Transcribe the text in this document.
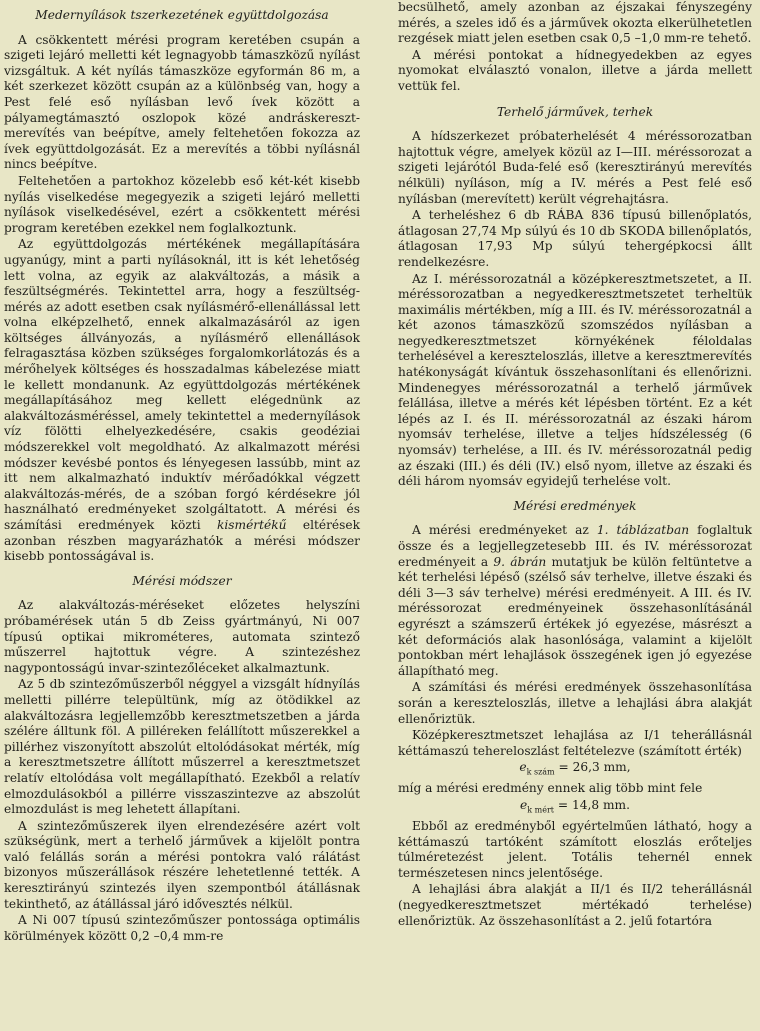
Medernyílások tszerkezetének együttdolgozása

A csökkentett mérési program keretében csupán a szigeti lejáró melletti két legnagyobb támaszközű nyílást vizsgáltuk. A két nyílás támaszköze egyformán 86 m, a két szerkezet között csupán az a különbség van, hogy a Pest felé eső nyílásban levő ívek között a pályamegtámasztó oszlopok közé andráskereszt-merevítés van beépítve, amely feltehetően fokozza az ívek együttdolgozását. Ez a merevítés a többi nyílásnál nincs beépítve.

Feltehetően a partokhoz közelebb eső két-két kisebb nyílás viselkedése megegyezik a szigeti lejáró melletti nyílások viselkedésével, ezért a csökkentett mérési program keretében ezekkel nem foglalkoztunk.

Az együttdolgozás mértékének megállapítására ugyanúgy, mint a parti nyílásoknál, itt is két lehetőség lett volna, az egyik az alakváltozás, a másik a feszültségmérés. Tekintettel arra, hogy a feszültség-mérés az adott esetben csak nyílásmérő-ellenállással lett volna elképzelhető, ennek alkalmazásáról az igen költséges állványozás, a nyílásmérő ellenállások felragasztása közben szükséges forgalomkorlátozás és a mérőhelyek költséges és hosszadalmas kábelezése miatt le kellett mondanunk. Az együttdolgozás mértékének megállapításához meg kellett elégednünk az alakváltozásméréssel, amely tekintettel a medernyílások víz fölötti elhelyezkedésére, csakis geodéziai módszerekkel volt megoldható. Az alkalmazott mérési módszer kevésbé pontos és lényegesen lassúbb, mint az itt nem alkalmazható induktív mérőadókkal végzett alakváltozás-mérés, de a szóban forgó kérdésekre jól használható eredményeket szolgáltatott. A mérési és számítási eredmények közti kismértékű eltérések azonban részben magyarázhatók a mérési módszer kisebb pontosságával is.

Mérési módszer

Az alakváltozás-méréseket előzetes helyszíni próbamérések után 5 db Zeiss gyártmányú, Ni 007 típusú optikai mikrométeres, automata szintező műszerrel hajtottuk végre. A szintezéshez nagypontosságú invar-szintezőléceket alkalmaztunk.

Az 5 db szintezőműszerből néggyel a vizsgált hídnyílás melletti pillérre települtünk, míg az ötödikkel az alakváltozásra legjellemzőbb keresztmetszetben a járda szélére álltunk föl. A pilléreken felállított műszerekkel a pillérhez viszonyított abszolút eltolódásokat mérték, míg a keresztmetszetre állított műszerrel a keresztmetszet relatív eltolódása volt megállapítható. Ezekből a relatív elmozdulásokból a pillérre visszaszintezve az abszolút elmozdulást is meg lehetett állapítani.

A szintezőműszerek ilyen elrendezésére azért volt szükségünk, mert a terhelő járművek a kijelölt pontra való felállás során a mérési pontokra való rálátást bizonyos műszerállások részére lehetetlenné tették. A keresztirányú szintezés ilyen szempontból átállásnak tekinthető, az átállással járó idővesztés nélkül.

A Ni 007 típusú szintezőműszer pontossága optimális körülmények között 0,2 –0,4 mm-re

becsülhető, amely azonban az éjszakai fényszegény mérés, a szeles idő és a járművek okozta elkerülhetetlen rezgések miatt jelen esetben csak 0,5 –1,0 mm-re tehető.

A mérési pontokat a hídnegyedekben az egyes nyomokat elválasztó vonalon, illetve a járda mellett vettük fel.

Terhelő járművek, terhek

A hídszerkezet próbaterhelését 4 méréssorozatban hajtottuk végre, amelyek közül az I—III. méréssorozat a szigeti lejárótól Buda-felé eső (keresztirányú merevítés nélküli) nyíláson, míg a IV. mérés a Pest felé eső nyílásban (merevített) került végrehajtásra.

A terheléshez 6 db RÁBA 836 típusú billenőplatós, átlagosan 27,74 Mp súlyú és 10 db SKODA billenőplatós, átlagosan 17,93 Mp súlyú tehergépkocsi állt rendelkezésre.

Az I. méréssorozatnál a középkeresztmetszetet, a II. méréssorozatban a negyedkeresztmetszetet terheltük maximális mértékben, míg a III. és IV. méréssorozatnál a két azonos támaszközű szomszédos nyílásban a negyedkeresztmetszet környékének féloldalas terhelésével a kereszteloszlás, illetve a keresztmerevítés hatékonyságát kívántuk összehasonlítani és ellenőrizni. Mindenegyes méréssorozatnál a terhelő járművek felállása, illetve a mérés két lépésben történt. Ez a két lépés az I. és II. méréssorozatnál az északi három nyomsáv terhelése, illetve a teljes hídszélesség (6 nyomsáv) terhelése, a III. és IV. méréssorozatnál pedig az északi (III.) és déli (IV.) első nyom, illetve az északi és déli három nyomsáv egyidejű terhelése volt.

Mérési eredmények

A mérési eredményeket az 1. táblázatban foglaltuk össze és a legjellegzetesebb III. és IV. méréssorozat eredményeit a 9. ábrán mutatjuk be külön feltüntetve a két terhelési lépéső (szélső sáv terhelve, illetve északi és déli 3—3 sáv terhelve) mérési eredményeit. A III. és IV. méréssorozat eredményeinek összehasonlításánál egyrészt a számszerű értékek jó egyezése, másrészt a két deformációs alak hasonlósága, valamint a kijelölt pontokban mért lehajlások összegének igen jó egyezése állapítható meg.

A számítási és mérési eredmények összehasonlítása során a kereszteloszlás, illetve a lehajlási ábra alakját ellenőriztük.

Középkeresztmetszet lehajlása az I/1 teherállásnál kéttámaszú tehereloszlást feltételezve (számított érték)

$e_{k szám} = 26,3$ mm,

míg a mérési eredmény ennek alig több mint fele

$e_{k mért} = 14,8$ mm.

Ebből az eredményből egyértelműen látható, hogy a kéttámaszú tartóként számított eloszlás erőteljes túlméretezést jelent. Totális tehernél ennek természetesen nincs jelentősége.

A lehajlási ábra alakját a II/1 és II/2 teherállásnál (negyedkeresztmetszet mértékadó terhelése) ellenőriztük. Az összehasonlítást a 2. jelű fotartóra
